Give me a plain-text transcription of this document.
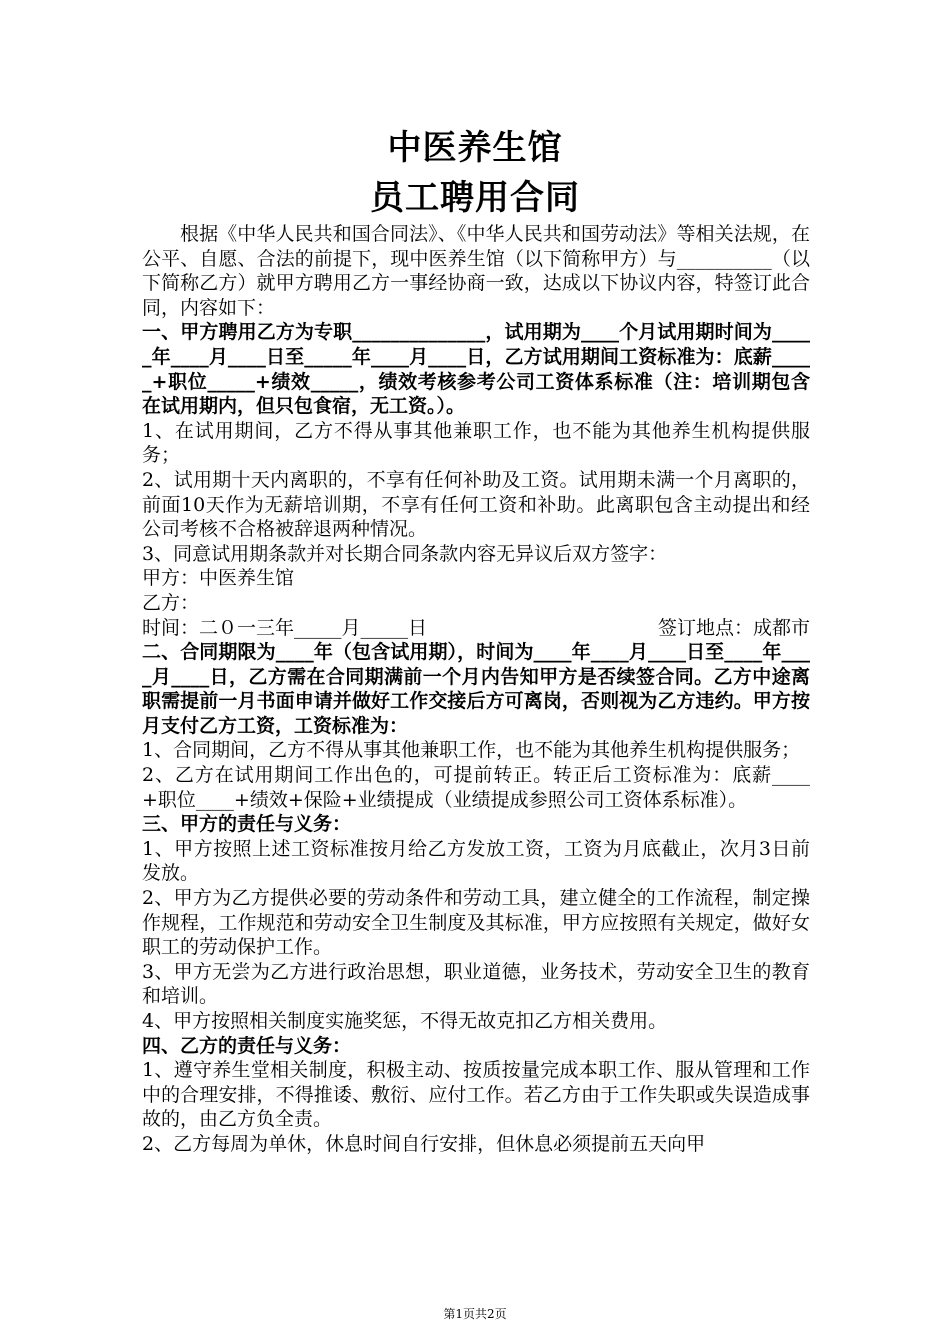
中医养生馆
员工聘用合同

根据《中华人民共和国合同法》、《中华人民共和国劳动法》等相关法规，在公平、自愿、合法的前提下，现中医养生馆（以下简称甲方）与__________（以下简称乙方）就甲方聘用乙方一事经协商一致，达成以下协议内容，特签订此合同，内容如下：

一、甲方聘用乙方为专职______________，试用期为____个月试用期时间为_____年____月____日至_____年____月____日，乙方试用期间工资标准为：底薪_____+职位_____+绩效_____，绩效考核参考公司工资体系标准（注：培训期包含在试用期内，但只包食宿，无工资。）。

1、在试用期间，乙方不得从事其他兼职工作，也不能为其他养生机构提供服务；

2、试用期十天内离职的，不享有任何补助及工资。试用期未满一个月离职的，前面10天作为无薪培训期，不享有任何工资和补助。此离职包含主动提出和经公司考核不合格被辞退两种情况。

3、同意试用期条款并对长期合同条款内容无异议后双方签字：

甲方：中医养生馆

乙方：

时间：二０一三年_____月_____日	签订地点：成都市

二、合同期限为____年（包含试用期），时间为____年____月____日至____年____月____日，乙方需在合同期满前一个月内告知甲方是否续签合同。乙方中途离职需提前一月书面申请并做好工作交接后方可离岗，否则视为乙方违约。甲方按月支付乙方工资，工资标准为：

1、合同期间，乙方不得从事其他兼职工作，也不能为其他养生机构提供服务；

2、乙方在试用期间工作出色的，可提前转正。转正后工资标准为：底薪____+职位____+绩效+保险+业绩提成（业绩提成参照公司工资体系标准）。

三、甲方的责任与义务：

1、甲方按照上述工资标准按月给乙方发放工资，工资为月底截止，次月3日前发放。

2、甲方为乙方提供必要的劳动条件和劳动工具，建立健全的工作流程，制定操作规程，工作规范和劳动安全卫生制度及其标准，甲方应按照有关规定，做好女职工的劳动保护工作。

3、甲方无尝为乙方进行政治思想，职业道德，业务技术，劳动安全卫生的教育和培训。

4、甲方按照相关制度实施奖惩，不得无故克扣乙方相关费用。

四、乙方的责任与义务：

1、遵守养生堂相关制度，积极主动、按质按量完成本职工作、服从管理和工作中的合理安排，不得推诿、敷衍、应付工作。若乙方由于工作失职或失误造成事故的，由乙方负全责。

2、乙方每周为单休，休息时间自行安排，但休息必须提前五天向甲

第1页共2页
